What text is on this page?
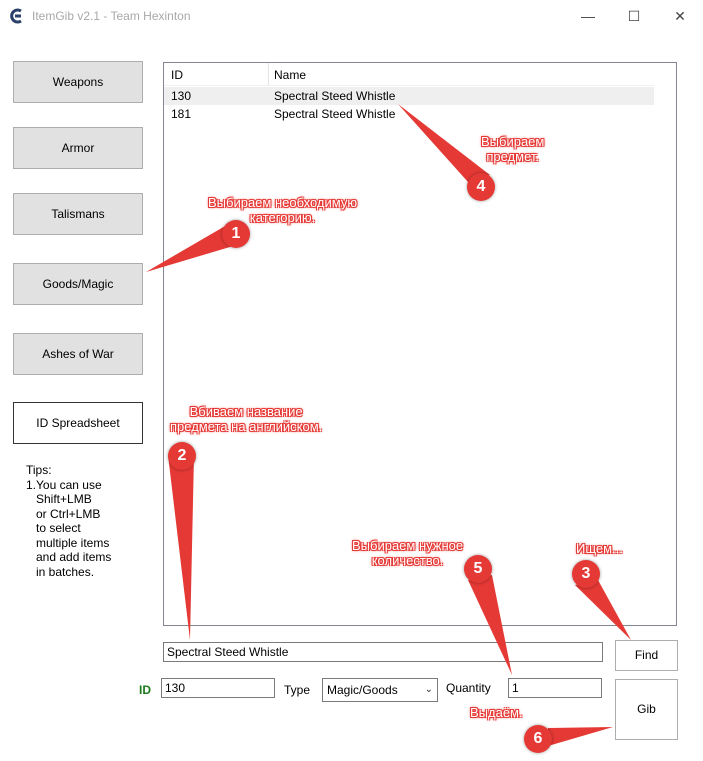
ItemGib v2.1 - Team Hexinton	—	☐	✕
Weapons
Armor
Talismans
Goods/Magic
Ashes of War
ID Spreadsheet
Tips:
1.You can use
Shift+LMB
or Ctrl+LMB
to select
multiple items
and add items
in batches.
ID	Name
130	Spectral Steed Whistle
181	Spectral Steed Whistle
Spectral Steed Whistle	Find
ID	130	Type	Magic/Goods	⌄ Quantity	1
Gib
Выбираем необходимую
категорию.
Вбиваем название
предмета на английском.
Ищем...
Выбираем
предмет.
Выбираем нужное
количество.
Выдаём.
1
2
3
4
5
6
